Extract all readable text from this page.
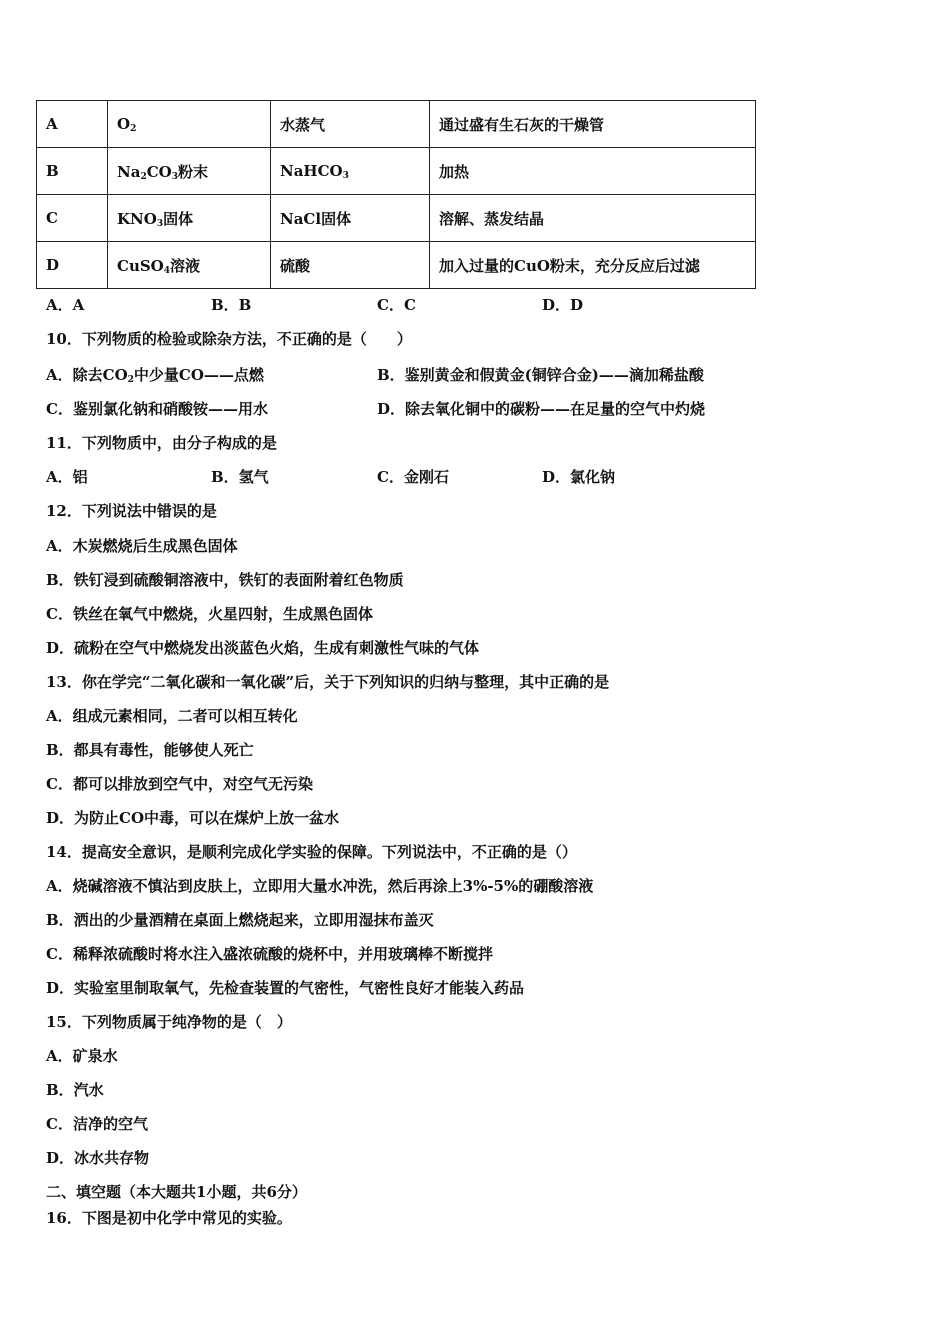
A	$O_2$	水蒸气	通过盛有生石灰的干燥管
B	$Na_2CO_3$粉末	NaHCO$_3$	加热
C	$KNO_3$固体	NaCl固体	溶解、蒸发结晶
D	CuSO$_4$溶液	硫酸	加入过量的CuO粉末，充分反应后过滤
A．A	B．B	C．C	D．D
10．下列物质的检验或除杂方法，不正确的是（　　）
A．除去$CO_2$中少量CO——点燃	B．鉴别黄金和假黄金(铜锌合金)——滴加稀盐酸
C．鉴别氯化钠和硝酸铵——用水	D．除去氧化铜中的碳粉——在足量的空气中灼烧
11．下列物质中，由分子构成的是
A．铝	B．氢气	C．金刚石	D．氯化钠
12．下列说法中错误的是
A．木炭燃烧后生成黑色固体
B．铁钉浸到硫酸铜溶液中，铁钉的表面附着红色物质
C．铁丝在氧气中燃烧，火星四射，生成黑色固体
D．硫粉在空气中燃烧发出淡蓝色火焰，生成有刺激性气味的气体
13．你在学完“二氧化碳和一氧化碳”后，关于下列知识的归纳与整理，其中正确的是
A．组成元素相同，二者可以相互转化
B．都具有毒性，能够使人死亡
C．都可以排放到空气中，对空气无污染
D．为防止CO中毒，可以在煤炉上放一盆水
14．提高安全意识，是顺利完成化学实验的保障。下列说法中，不正确的是（）
A．烧碱溶液不慎沾到皮肤上，立即用大量水冲洗，然后再涂上3%-5%的硼酸溶液
B．洒出的少量酒精在桌面上燃烧起来，立即用湿抹布盖灭
C．稀释浓硫酸时将水注入盛浓硫酸的烧杯中，并用玻璃棒不断搅拌
D．实验室里制取氧气，先检查装置的气密性，气密性良好才能装入药品
15．下列物质属于纯净物的是（　）
A．矿泉水
B．汽水
C．洁净的空气
D．冰水共存物
二、填空题（本大题共1小题，共6分）
16．下图是初中化学中常见的实验。
